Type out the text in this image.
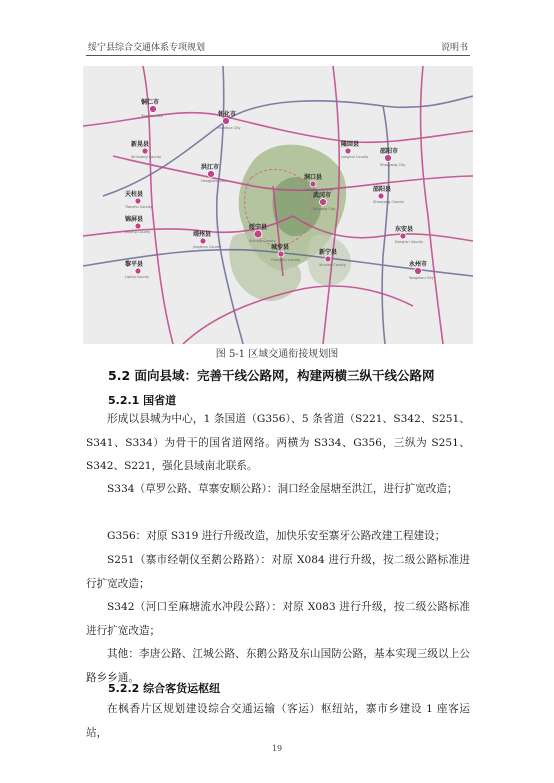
绥宁县综合交通体系专项规划	说明书
铜仁市
Tongren City	怀化市
Huaihua City
新晃县
Xinhuang County
邵阳市
Shaoyang City
洪江市
Hongjiang City	洞口县
Dongkou County
隆回县
Longhui County
天柱县
Tianzhu County
武冈市
Wugang City
邵阳县
Shaoyang County
锦屏县
Jinping County
绥宁县
Suining County
靖州县
Jingzhou County	城步县
Chengbu County
新宁县
Xinning County
东安县
Dong'an County
黎平县
Liping County
永州市
Yongzhou City
图 5-1 区域交通衔接规划图
5.2 面向县域：完善干线公路网，构建两横三纵干线公路网
5.2.1 国省道
形成以县城为中心，1 条国道（G356）、5 条省道（S221、S342、S251、S341、S334）为骨干的国省道网络。两横为 S334、G356，三纵为 S251、S342、S221，强化县域南北联系。
S334（草罗公路、草寨安顺公路）：洞口经金屋塘至洪江，进行扩宽改造；
G356：对原 S319 进行升级改造，加快乐安至寨牙公路改建工程建设；
S251（寨市经朝仪至鹅公路路）：对原 X084 进行升级，按二级公路标准进行扩宽改造；
S342（河口至麻塘流水冲段公路）：对原 X083 进行升级，按二级公路标准进行扩宽改造；
其他：李唐公路、江城公路、东鹅公路及东山国防公路，基本实现三级以上公路乡乡通。
5.2.2 综合客货运枢纽
在枫香片区规划建设综合交通运输（客运）枢纽站，寨市乡建设 1 座客运站，
19
